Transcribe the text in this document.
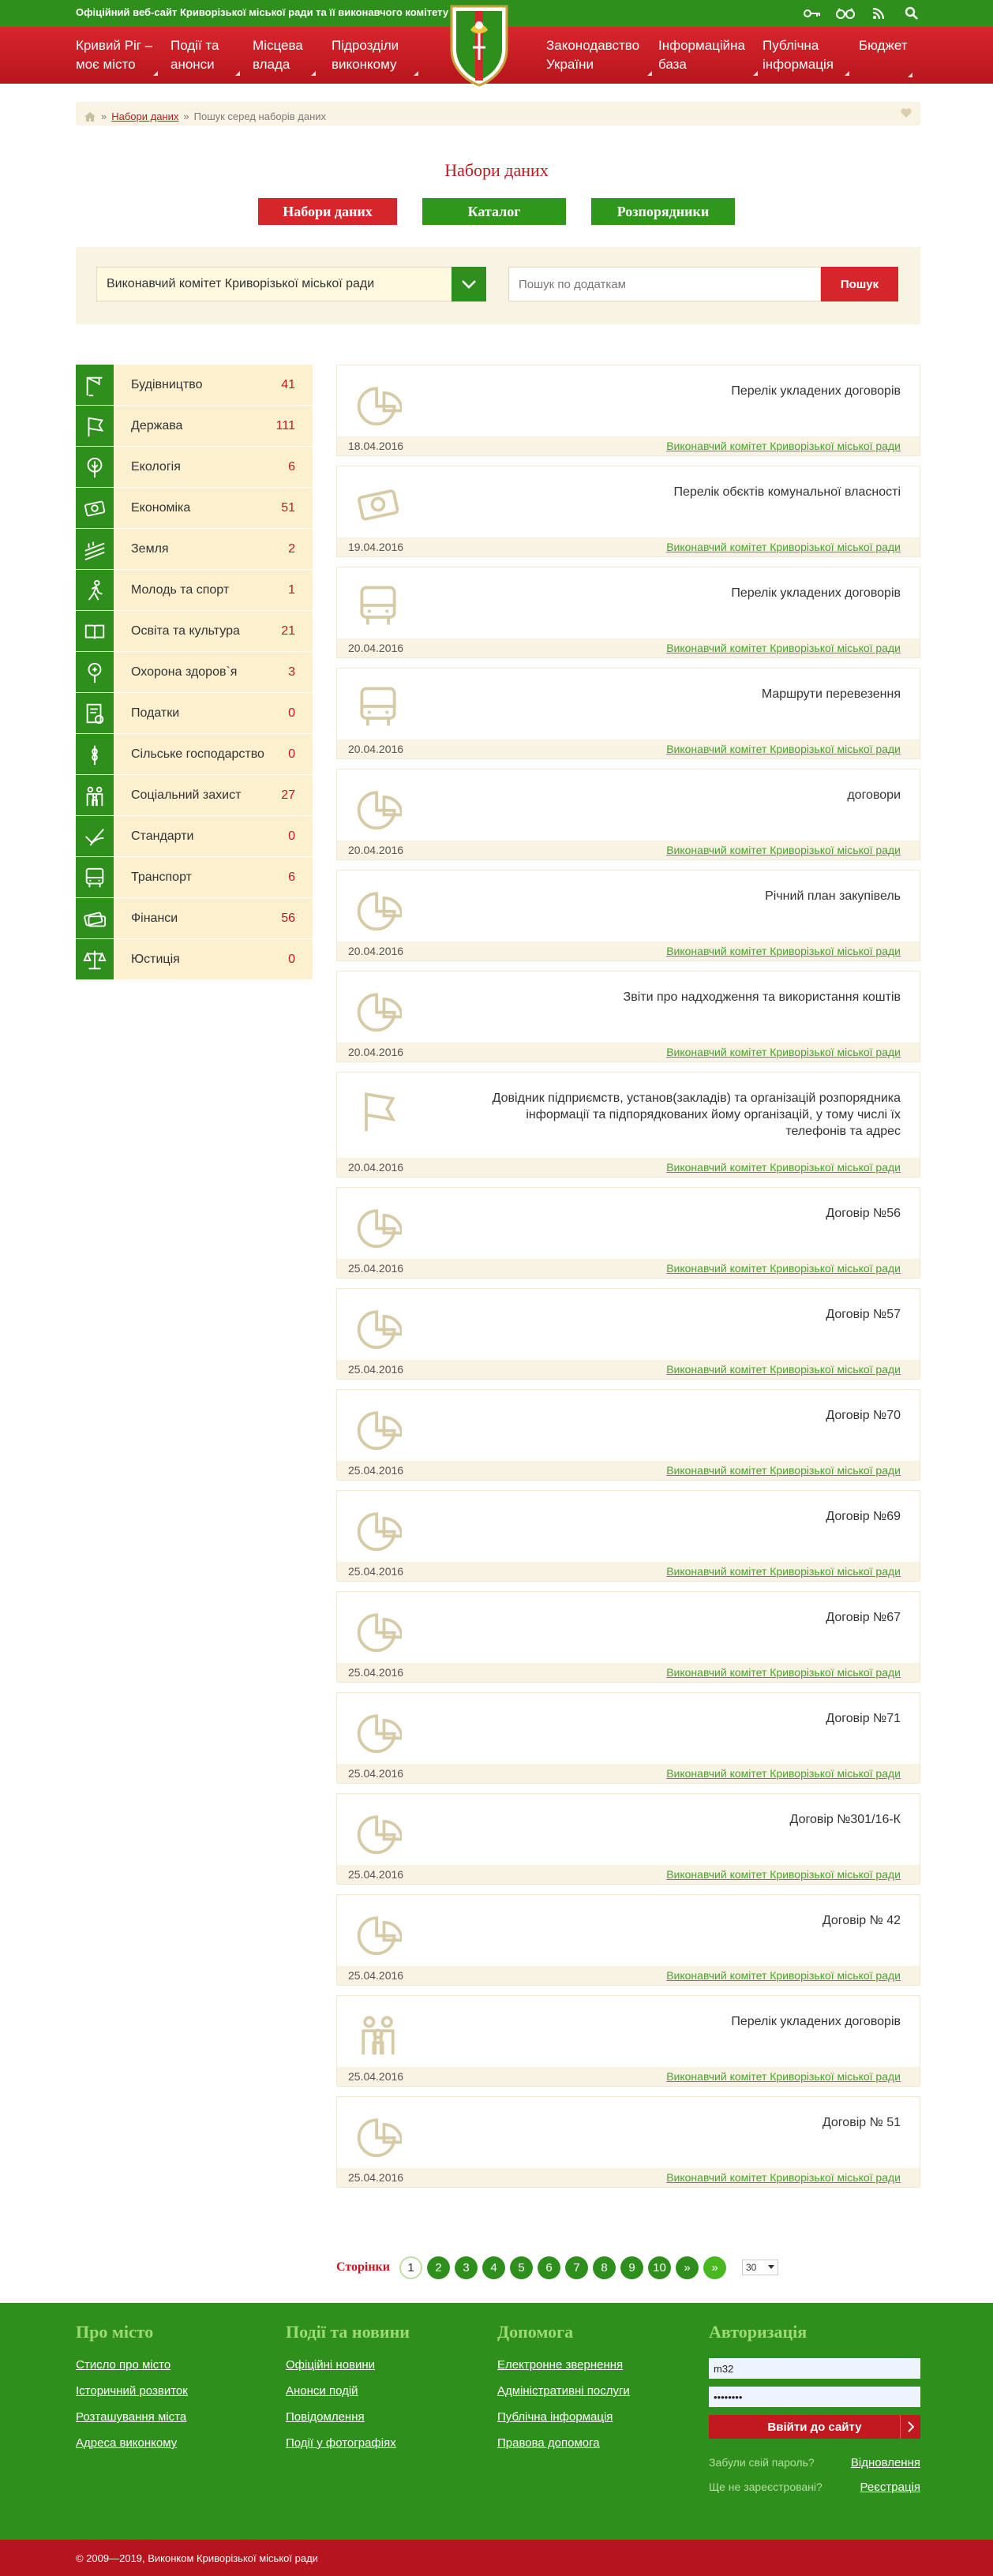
Офіційний веб-сайт Криворізької міської ради та її виконавчого комітету
Кривий Ріг – моє місто
Події та анонси
Місцева влада
Підрозділи виконкому
Законодавство України
Інформаційна база
Публічна інформація
Бюджет
» Набори даних » Пошук серед наборів даних
Набори даних
Набори даних	Каталог додатків
Розпорядники
Виконавчий комітет Криворізької міської ради
Пошук по додаткам	Пошук
Будівництво	41
Держава	111
Екологія	6
Економіка	51
Земля	2
Молодь та спорт	1
Освіта та культура	21
Охорона здоров`я	3
Податки	0
Сільське господарство	0
Соціальний захист	27
Стандарти	0
Транспорт	6
Фінанси	56
Юстиція	0
Перелік укладених договорів
18.04.2016	Виконавчий комітет Криворізької міської ради
Перелік обєктів комунальної власності
19.04.2016	Виконавчий комітет Криворізької міської ради
Перелік укладених договорів
20.04.2016	Виконавчий комітет Криворізької міської ради
Маршрути перевезення
20.04.2016	Виконавчий комітет Криворізької міської ради
договори
20.04.2016	Виконавчий комітет Криворізької міської ради
Річний план закупівель
20.04.2016	Виконавчий комітет Криворізької міської ради
Звіти про надходження та використання коштів
20.04.2016	Виконавчий комітет Криворізької міської ради
Довідник підприємств, установ(закладів) та організацій розпорядника інформації та підпорядкованих йому організацій, у тому числі їх телефонів та адрес
20.04.2016	Виконавчий комітет Криворізької міської ради
Договір №56
25.04.2016	Виконавчий комітет Криворізької міської ради
Договір №57
25.04.2016	Виконавчий комітет Криворізької міської ради
Договір №70
25.04.2016	Виконавчий комітет Криворізької міської ради
Договір №69
25.04.2016	Виконавчий комітет Криворізької міської ради
Договір №67
25.04.2016	Виконавчий комітет Криворізької міської ради
Договір №71
25.04.2016	Виконавчий комітет Криворізької міської ради
Договір №301/16-К
25.04.2016	Виконавчий комітет Криворізької міської ради
Договір № 42
25.04.2016	Виконавчий комітет Криворізької міської ради
Перелік укладених договорів
25.04.2016	Виконавчий комітет Криворізької міської ради
Договір № 51
25.04.2016	Виконавчий комітет Криворізької міської ради
Сторінки	1	2	3	4	5	6	7	8	9	10	»	»	30
Про місто
Стисло про місто
Історичний розвиток
Розташування міста
Адреса виконкому
Події та новини
Офіційні новини
Анонси подій
Повідомлення
Події у фотографіях
Допомога
Електронне звернення
Адміністративні послуги
Публічна інформація
Правова допомога
Авторизація
m32
••••••••
Ввійти до сайту
Забули свій пароль?	Відновлення
Ще не зареєстровані?	Реєстрація
© 2009—2019, Виконком Криворізької міської ради
